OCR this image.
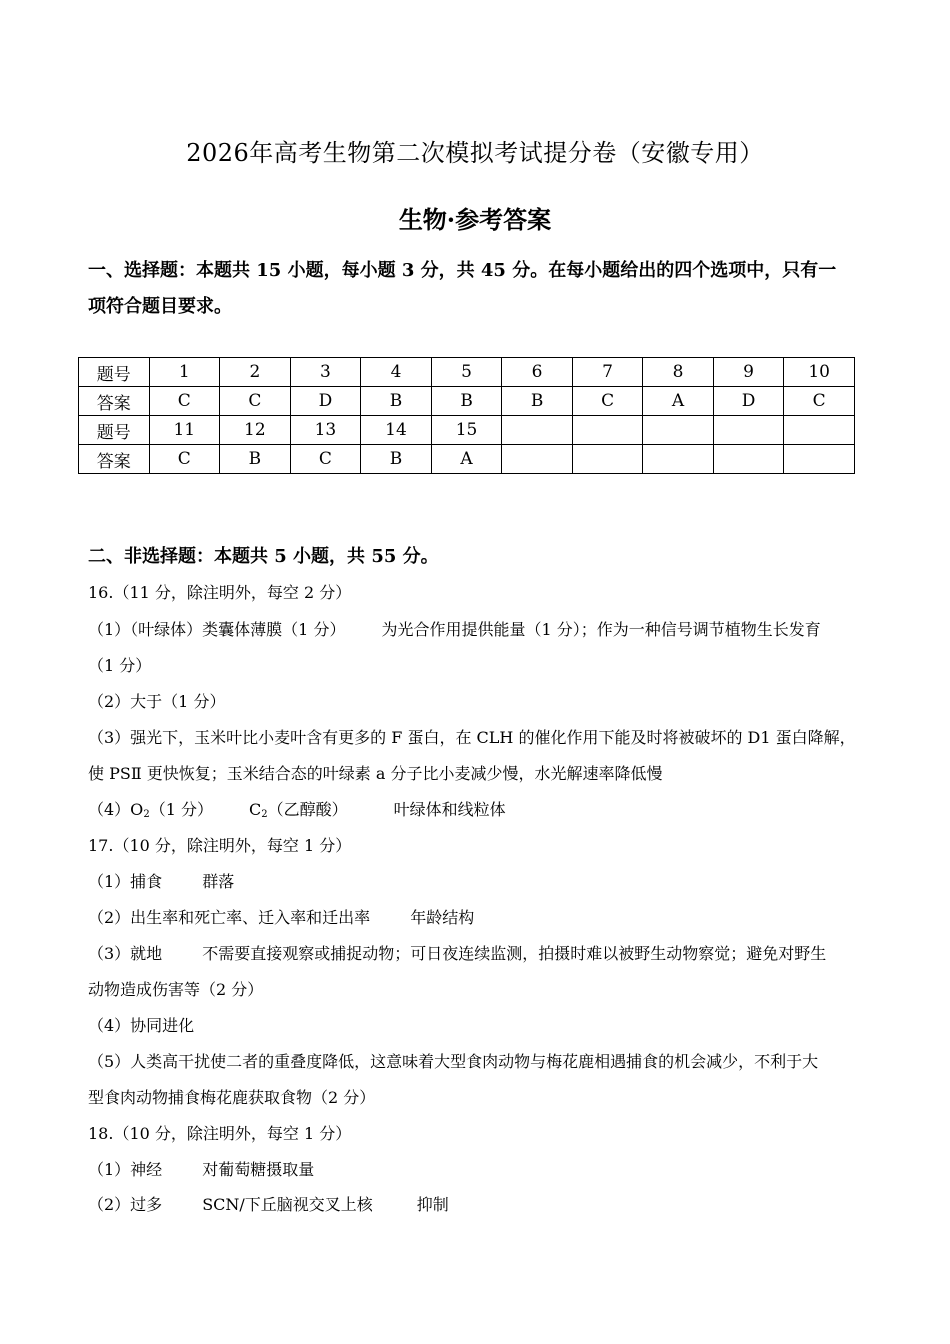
2026年高考生物第二次模拟考试提分卷（安徽专用）
生物·参考答案
一、选择题：本题共 15 小题，每小题 3 分，共 45 分。在每小题给出的四个选项中，只有一
项符合题目要求。
题号	1	2	3	4	5	6	7	8	9	10
答案	C	C	D	B	B	B	C	A	D	C
题号	11	12	13	14	15					
答案	C	B	C	B	A					
二、非选择题：本题共 5 小题，共 55 分。
16.（11 分，除注明外，每空 2 分）
（1）（叶绿体）类囊体薄膜（1 分） 为光合作用提供能量（1 分）；作为一种信号调节植物生长发育
（1 分）
（2）大于（1 分）
（3）强光下，玉米叶比小麦叶含有更多的 F 蛋白，在 CLH 的催化作用下能及时将被破坏的 D1 蛋白降解，
使 PSⅡ 更快恢复；玉米结合态的叶绿素 a 分子比小麦减少慢，水光解速率降低慢
$(4)O_2(1$ 分） $C_2$（乙醇酸）	叶绿体和线粒体
17.（10 分，除注明外，每空 1 分）
（1）捕食	群落
（2）出生率和死亡率、迁入率和迁出率	年龄结构
（3）就地	不需要直接观察或捕捉动物；可日夜连续监测，拍摄时难以被野生动物察觉；避免对野生
动物造成伤害等（2 分）
（4）协同进化
（5）人类高干扰使二者的重叠度降低，这意味着大型食肉动物与梅花鹿相遇捕食的机会减少，不利于大
型食肉动物捕食梅花鹿获取食物（2 分）
18.（10 分，除注明外，每空 1 分）
（1）神经	对葡萄糖摄取量
（2）过多	SCN/下丘脑视交叉上核	抑制
